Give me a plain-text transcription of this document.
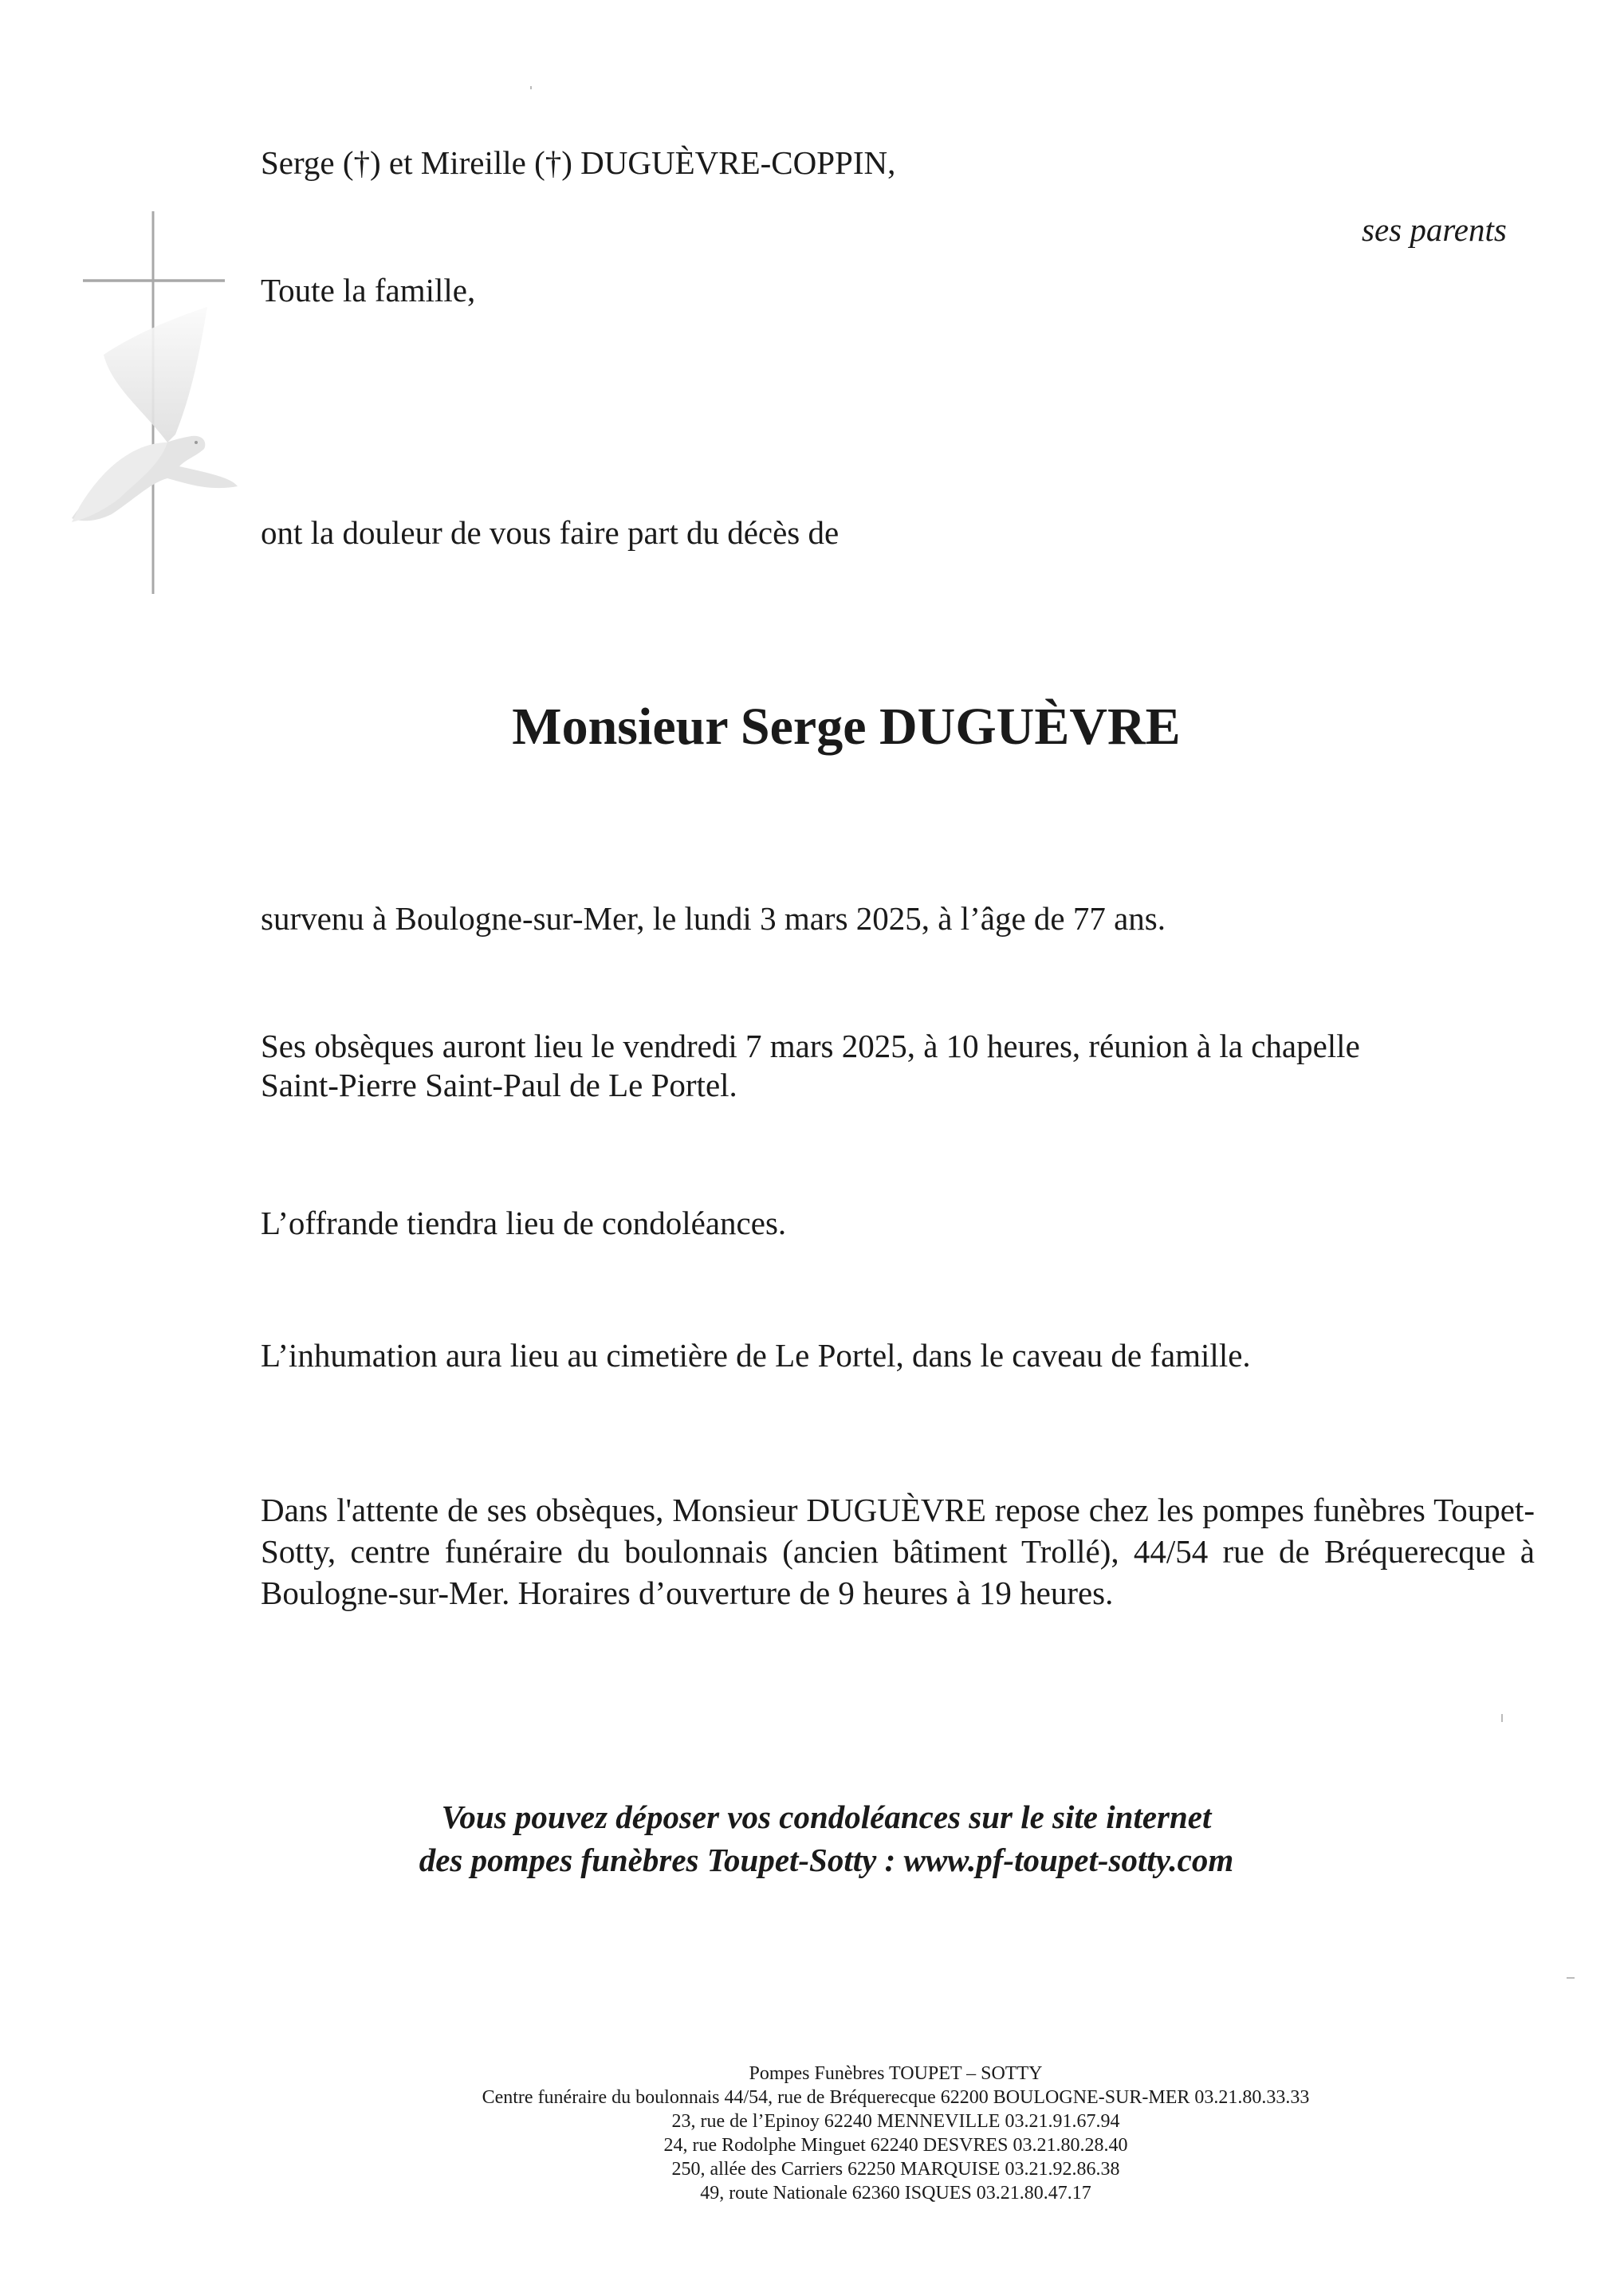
Serge (†) et Mireille (†) DUGUÈVRE-COPPIN,
ses parents
Toute la famille,
ont la douleur de vous faire part du décès de
Monsieur Serge DUGUÈVRE
survenu à Boulogne-sur-Mer, le lundi 3 mars 2025, à l’âge de 77 ans.
Ses obsèques auront lieu le vendredi 7 mars 2025, à 10 heures, réunion à la chapelle
Saint-Pierre Saint-Paul de Le Portel.
L’offrande tiendra lieu de condoléances.
L’inhumation aura lieu au cimetière de Le Portel, dans le caveau de famille.
Dans l'attente de ses obsèques, Monsieur DUGUÈVRE repose chez les pompes funèbres Toupet-Sotty, centre funéraire du boulonnais (ancien bâtiment Trollé), 44/54 rue de Bréquerecque à Boulogne-sur-Mer. Horaires d’ouverture de 9 heures à 19 heures.
Vous pouvez déposer vos condoléances sur le site internet
des pompes funèbres Toupet-Sotty : www.pf-toupet-sotty.com
Pompes Funèbres TOUPET – SOTTY
Centre funéraire du boulonnais 44/54, rue de Bréquerecque 62200 BOULOGNE-SUR-MER 03.21.80.33.33
23, rue de l’Epinoy 62240 MENNEVILLE 03.21.91.67.94
24, rue Rodolphe Minguet 62240 DESVRES 03.21.80.28.40
250, allée des Carriers 62250 MARQUISE 03.21.92.86.38
49, route Nationale 62360 ISQUES 03.21.80.47.17
